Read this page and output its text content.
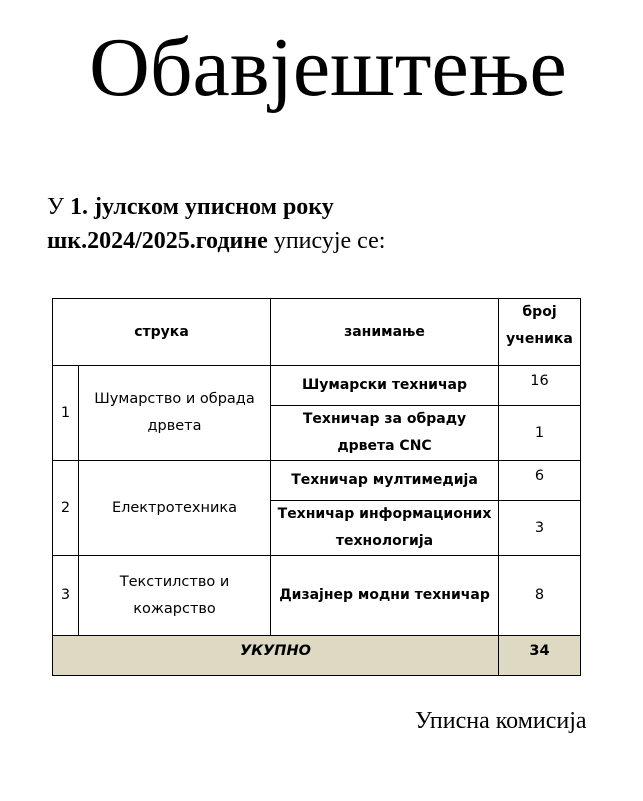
Обавјештење
У 1. јулском уписном року
шк.2024/2025.године уписује се:
струка		занимање	број ученика
1	Шумарство и обрада дрвета	Шумарски техничар	16
		Техничар за обраду дрвета CNC	1
2	Електротехника	Техничар мултимедија	6
		Техничар информационих технологија	3
3	Текстилство и кожарство	Дизајнер модни техничар	8
УКУПНО			34
Уписна комисија
